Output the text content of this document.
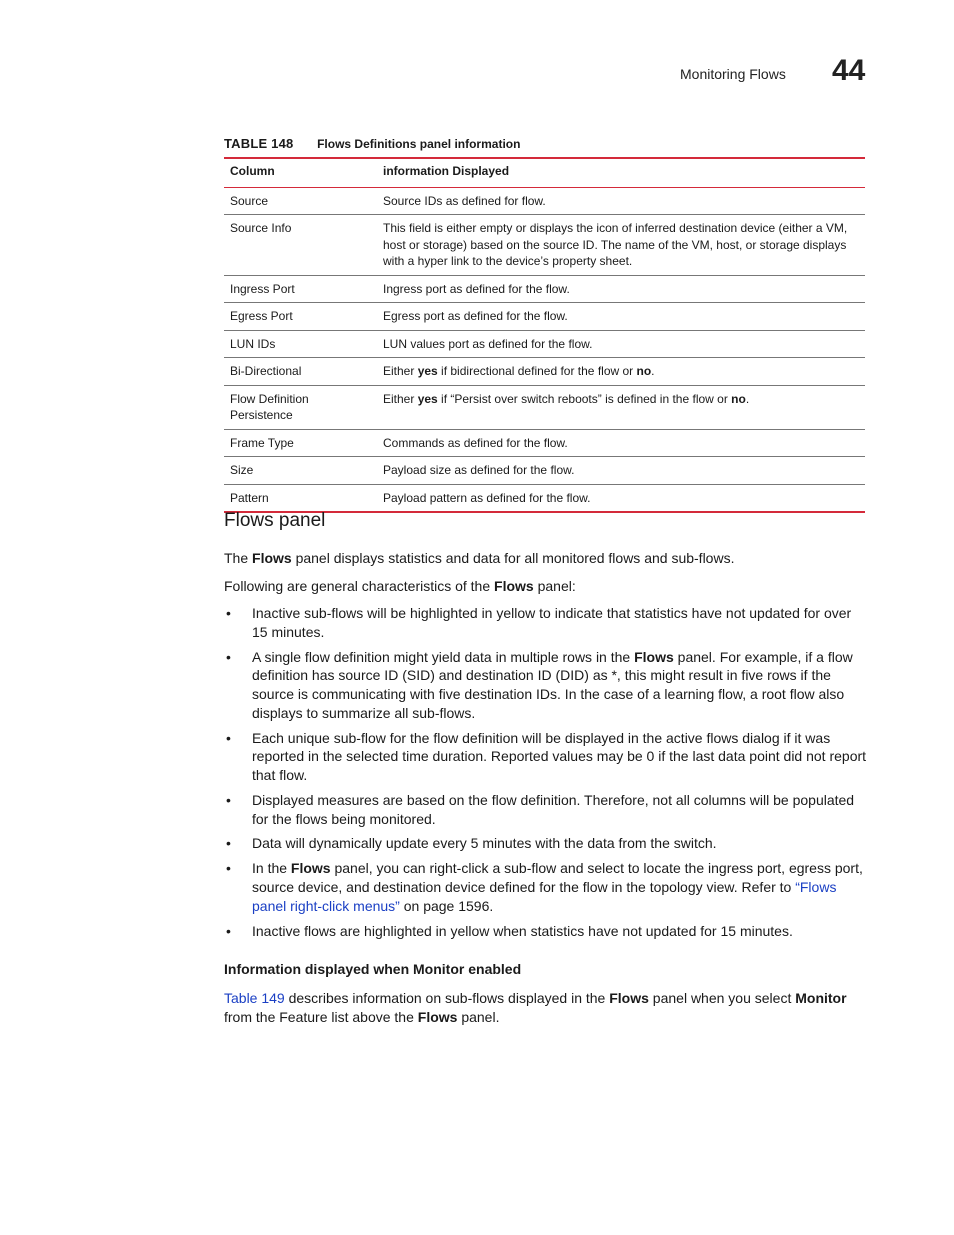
Monitoring Flows 44
TABLE 148 Flows Definitions panel information
Column	information Displayed
Source	Source IDs as defined for flow.
Source Info	This field is either empty or displays the icon of inferred destination device (either a VM, host or storage) based on the source ID. The name of the VM, host, or storage displays with a hyper link to the device’s property sheet.
Ingress Port	Ingress port as defined for the flow.
Egress Port	Egress port as defined for the flow.
LUN IDs	LUN values port as defined for the flow.
Bi-Directional	Either yes if bidirectional defined for the flow or no.
Flow Definition Persistence	Either yes if “Persist over switch reboots” is defined in the flow or no.
Frame Type	Commands as defined for the flow.
Size	Payload size as defined for the flow.
Pattern	Payload pattern as defined for the flow.
Flows panel

The Flows panel displays statistics and data for all monitored flows and sub-flows.

Following are general characteristics of the Flows panel:

• Inactive sub-flows will be highlighted in yellow to indicate that statistics have not updated for over 15 minutes.
• A single flow definition might yield data in multiple rows in the Flows panel. For example, if a flow definition has source ID (SID) and destination ID (DID) as *, this might result in five rows if the source is communicating with five destination IDs. In the case of a learning flow, a root flow also displays to summarize all sub-flows.
• Each unique sub-flow for the flow definition will be displayed in the active flows dialog if it was reported in the selected time duration. Reported values may be 0 if the last data point did not report that flow.
• Displayed measures are based on the flow definition. Therefore, not all columns will be populated for the flows being monitored.
• Data will dynamically update every 5 minutes with the data from the switch.
• In the Flows panel, you can right-click a sub-flow and select to locate the ingress port, egress port, source device, and destination device defined for the flow in the topology view. Refer to “Flows panel right-click menus” on page 1596.
• Inactive flows are highlighted in yellow when statistics have not updated for 15 minutes.
Information displayed when Monitor enabled

Table 149 describes information on sub-flows displayed in the Flows panel when you select Monitor from the Feature list above the Flows panel.
